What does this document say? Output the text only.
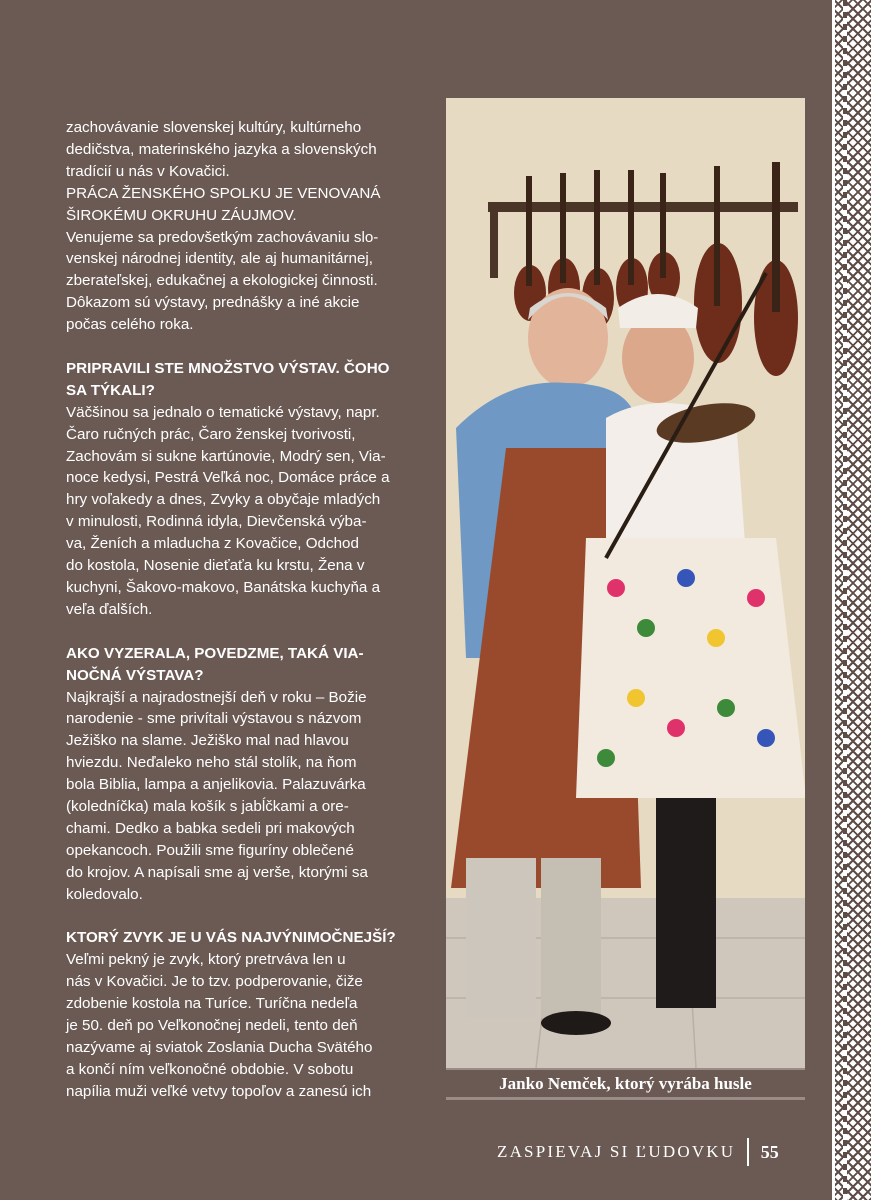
zachovávanie slovenskej kultúry, kultúrneho
dedičstva, materinského jazyka a slovenských
tradícií u nás v Kovačici.
PRÁCA ŽENSKÉHO SPOLKU JE VENOVANÁ
ŠIROKÉMU OKRUHU ZÁUJMOV.
Venujeme sa predovšetkým zachovávaniu slo-
venskej národnej identity, ale aj humanitárnej,
zberateľskej, edukačnej a ekologickej činnosti.
Dôkazom sú výstavy, prednášky a iné akcie
počas celého roka.

PRIPRAVILI STE MNOŽSTVO VÝSTAV. ČOHO
SA TÝKALI?

Väčšinou sa jednalo o tematické výstavy, napr.
Čaro ručných prác, Čaro ženskej tvorivosti,
Zachovám si sukne kartúnovie, Modrý sen, Via-
noce kedysi, Pestrá Veľká noc, Domáce práce a
hry voľakedy a dnes, Zvyky a obyčaje mladých
v minulosti, Rodinná idyla, Dievčenská výba-
va, Ženích a mladucha z Kovačice, Odchod
do kostola, Nosenie dieťaťa ku krstu, Žena v
kuchyni, Šakovo-makovo, Banátska kuchyňa a
veľa ďalších.

AKO VYZERALA, POVEDZME, TAKÁ VIA-
NOČNÁ VÝSTAVA?

Najkrajší a najradostnejší deň v roku – Božie
narodenie - sme privítali výstavou s názvom
Ježiško na slame. Ježiško mal nad hlavou
hviezdu. Neďaleko neho stál stolík, na ňom
bola Biblia, lampa a anjelikovia. Palazuvárka
(koledníčka) mala košík s jabĺčkami a ore-
chami. Dedko a babka sedeli pri makových
opekancoch. Použili sme figuríny oblečené
do krojov. A napísali sme aj verše, ktorými sa
koledovalo.

KTORÝ ZVYK JE U VÁS NAJVÝNIMOČNEJŠÍ?

Veľmi pekný je zvyk, ktorý pretrváva len u
nás v Kovačici. Je to tzv. podperovanie, čiže
zdobenie kostola na Turíce. Turíčna nedeľa
je 50. deň po Veľkonočnej nedeli, tento deň
nazývame aj sviatok Zoslania Ducha Svätého
a končí ním veľkonočné obdobie. V sobotu
napília muži veľké vetvy topoľov a zanesú ich	Janko Nemček, ktorý vyrába husle
ZASPIEVAJ SI ĽUDOVKU 55
